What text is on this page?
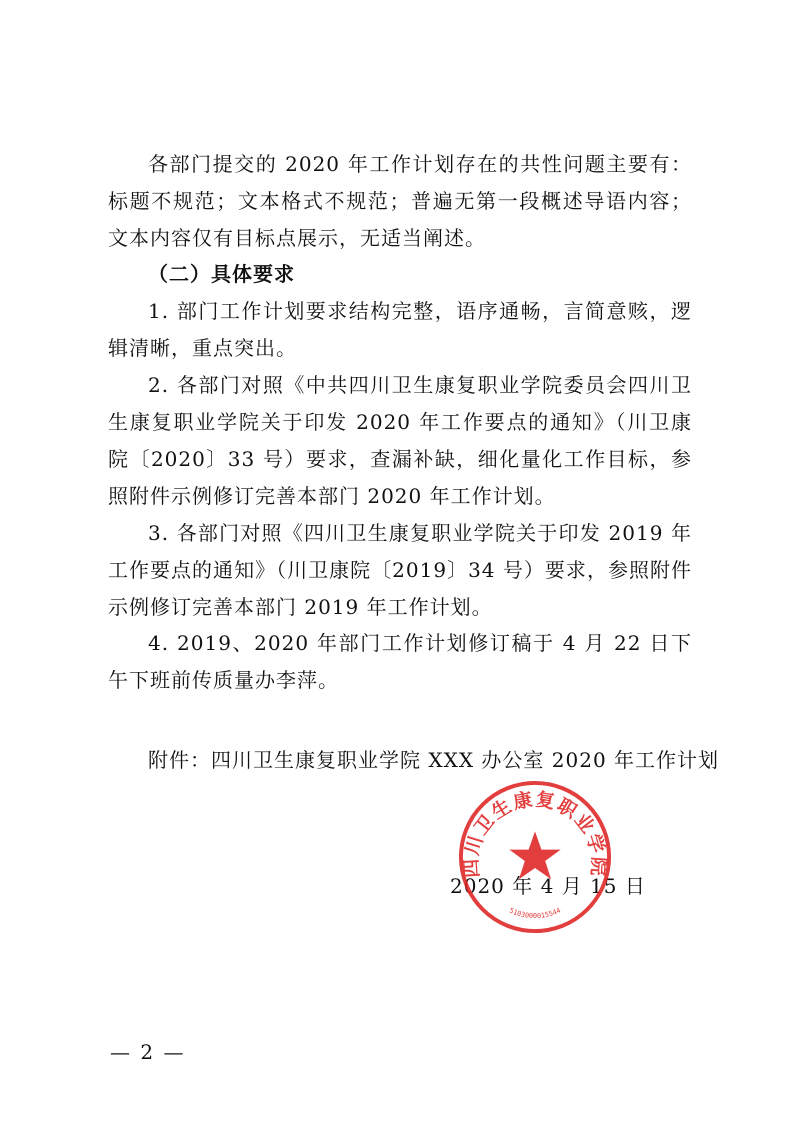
各部门提交的 2020 年工作计划存在的共性问题主要有：标题不规范；文本格式不规范；普遍无第一段概述导语内容；文本内容仅有目标点展示，无适当阐述。

（二）具体要求

1. 部门工作计划要求结构完整，语序通畅，言简意赅，逻辑清晰，重点突出。

2. 各部门对照《中共四川卫生康复职业学院委员会四川卫生康复职业学院关于印发 2020 年工作要点的通知》（川卫康院〔2020〕33 号）要求，查漏补缺，细化量化工作目标，参照附件示例修订完善本部门 2020 年工作计划。

3. 各部门对照《四川卫生康复职业学院关于印发 2019 年工作要点的通知》（川卫康院〔2019〕34 号）要求，参照附件示例修订完善本部门 2019 年工作计划。

4. 2019、2020 年部门工作计划修订稿于 4 月 22 日下午下班前传质量办李萍。

附件：四川卫生康复职业学院 XXX 办公室 2020 年工作计划
2020 年 4 月 15 日
四川卫生康复职业学院
5103000015544
— 2 —
